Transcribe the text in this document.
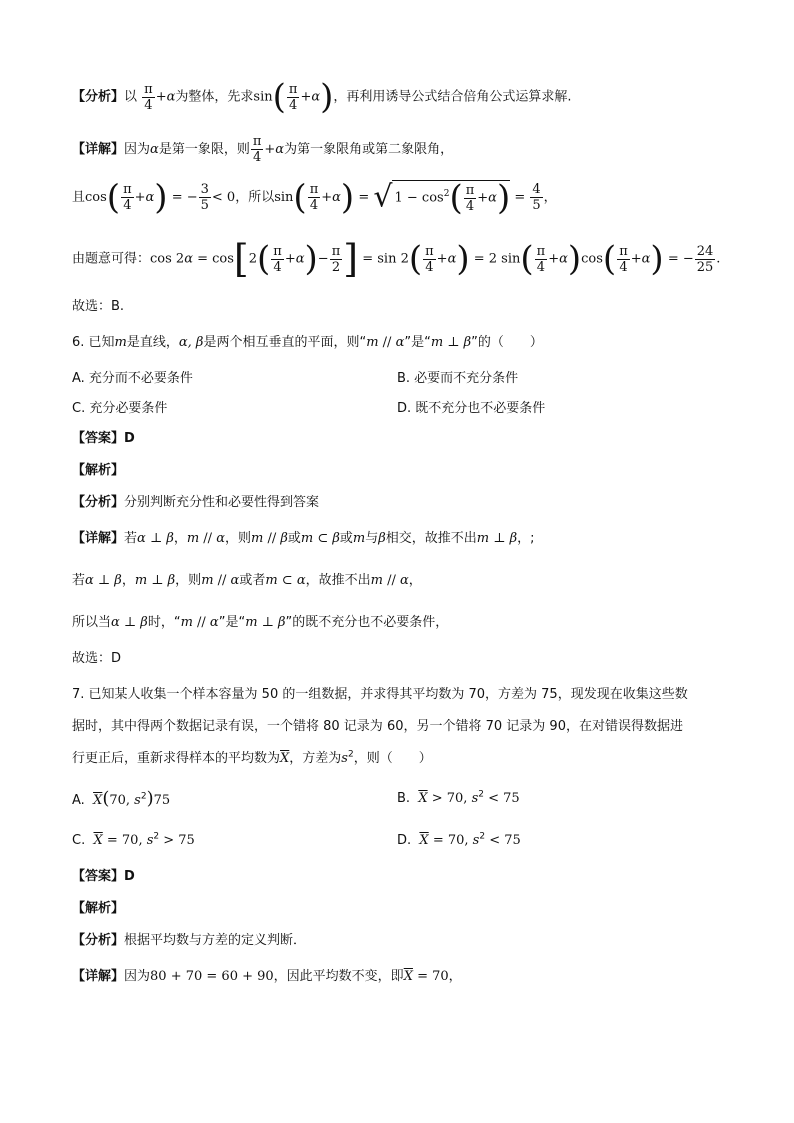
【分析】以 $\frac{\pi}{4} +\alpha$为整体，先求$\sin( \frac{\pi}{4} +\alpha)$，再利用诱导公式结合倍角公式运算求解.
【详解】因为α是第一象限，则 $\frac{\pi}{4} +\alpha$为第一象限角或第二象限角，
且$\cos( \frac{\pi}{4} +\alpha)$ = − $\frac{3}{5} < 0$，所以$\sin( \frac{\pi}{4} +\alpha)$ = √ $1 - \cos^2( \frac{\pi}{4} +\alpha) = \frac{4}{5}$ ，
由题意可得：$\cos 2\alpha = \cos[2( \frac{\pi}{4} +\alpha)- \frac{\pi}{2}$ ] = $\sin 2( \frac{\pi}{4} +\alpha) = 2$ $\sin( \frac{\pi}{4} +\alpha)\cos( \frac{\pi}{4} +\alpha)$ = − $\frac{24}{25}$ .
故选：B.
6. 已知m是直线，α, β是两个相互垂直的平面，则“m // α”是“m ⊥ β”的（　　）
A. 充分而不必要条件	B. 必要而不充分条件
C. 充分必要条件	D. 既不充分也不必要条件
【答案】D
【解析】
【分析】分别判断充分性和必要性得到答案
【详解】若α ⊥ β，m // α，则m // β或m ⊂ β或m与β相交，故推不出m ⊥ β，;
若α ⊥ β，m ⊥ β，则m // α或者m ⊂ α，故推不出m // α，
所以当α ⊥ β时，“m // α”是“m ⊥ β”的既不充分也不必要条件，
故选：D
7. 已知某人收集一个样本容量为 50 的一组数据，并求得其平均数为 70，方差为 75，现发现在收集这些数
据时，其中得两个数据记录有误，一个错将 80 记录为 60，另一个错将 70 记录为 90，在对错误得数据进
行更正后，重新求得样本的平均数为$\overline{X}$，方差为$s^2$，则（　　）
A. $\overline{X}(70$, $s^2)75$	B. $\overline{X} > 70$, $s^2 < 75$
C. $\overline{X} = 70$, $s^2 > 75$	D. $\overline{X} = 70$, $s^2 < 75$
【答案】D
【解析】
【分析】根据平均数与方差的定义判断．
【详解】因为80 + 70 = 60 + 90，因此平均数不变，即$\overline{X} = 70$，
